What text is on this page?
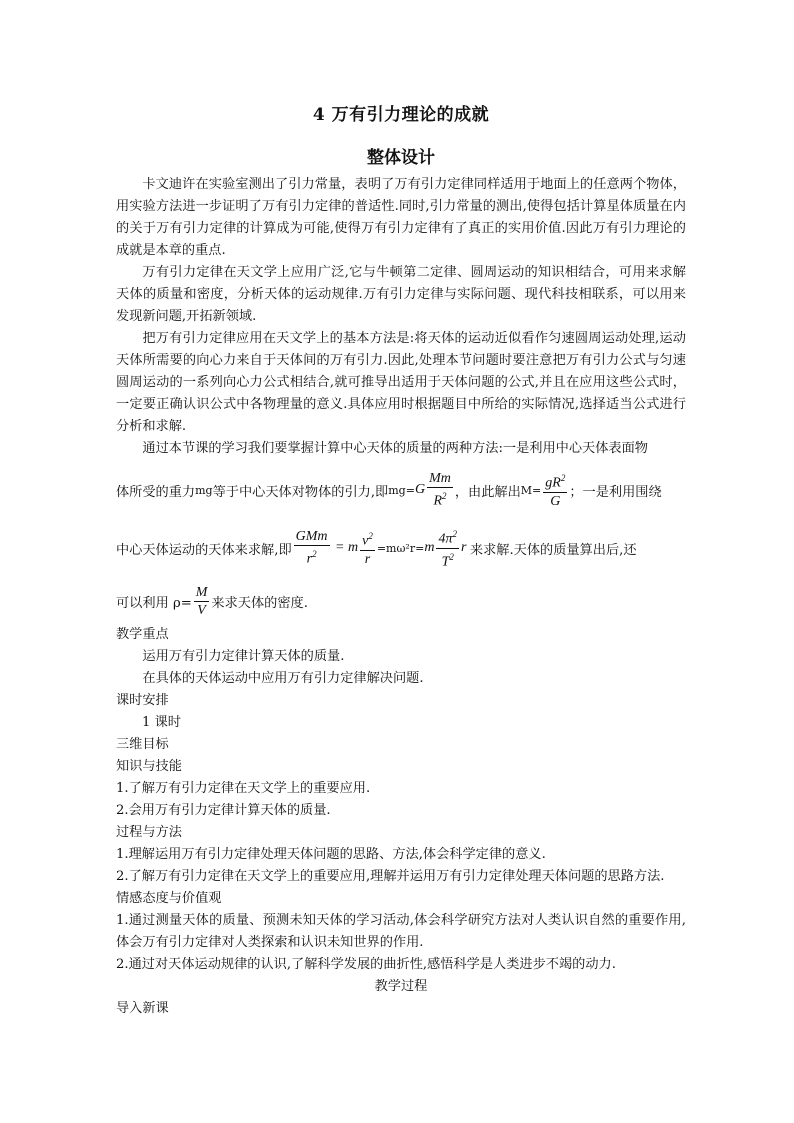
4 万有引力理论的成就
整体设计

卡文迪许在实验室测出了引力常量，表明了万有引力定律同样适用于地面上的任意两个物体，用实验方法进一步证明了万有引力定律的普适性.同时,引力常量的测出,使得包括计算星体质量在内的关于万有引力定律的计算成为可能,使得万有引力定律有了真正的实用价值.因此万有引力理论的成就是本章的重点.

万有引力定律在天文学上应用广泛,它与牛顿第二定律、圆周运动的知识相结合，可用来求解天体的质量和密度，分析天体的运动规律.万有引力定律与实际问题、现代科技相联系，可以用来发现新问题,开拓新领域.

把万有引力定律应用在天文学上的基本方法是:将天体的运动近似看作匀速圆周运动处理,运动天体所需要的向心力来自于天体间的万有引力.因此,处理本节问题时要注意把万有引力公式与匀速圆周运动的一系列向心力公式相结合,就可推导出适用于天体问题的公式,并且在应用这些公式时，一定要正确认识公式中各物理量的意义.具体应用时根据题目中所给的实际情况,选择适当公式进行分析和求解.

通过本节课的学习我们要掌握计算中心天体的质量的两种方法:一是利用中心天体表面物

体所受的重力 mg 等于中心天体对物体的引力,即 mg= G $\frac{Mm}{R^2}$ ，由此解出 $M= \frac{gR^2}{G}$ ；一是利用围绕
中心天体运动的天体来求解,即 $\frac{\text{GMm}}{r^2} = m \frac{v^2}{r} =m\omega^2r= m \frac{4\pi^2}{T^2}$ r 来求解.天体的质量算出后,还
可以利用 $\rho= \frac{M}{V}$ 来求天体的密度.

教学重点

运用万有引力定律计算天体的质量.

在具体的天体运动中应用万有引力定律解决问题.

课时安排

1 课时

三维目标

知识与技能

1.了解万有引力定律在天文学上的重要应用.

2.会用万有引力定律计算天体的质量.

过程与方法

1.理解运用万有引力定律处理天体问题的思路、方法,体会科学定律的意义.

2.了解万有引力定律在天文学上的重要应用,理解并运用万有引力定律处理天体问题的思路方法.

情感态度与价值观

1.通过测量天体的质量、预测未知天体的学习活动,体会科学研究方法对人类认识自然的重要作用,体会万有引力定律对人类探索和认识未知世界的作用.

2.通过对天体运动规律的认识,了解科学发展的曲折性,感悟科学是人类进步不竭的动力.

教学过程

导入新课
